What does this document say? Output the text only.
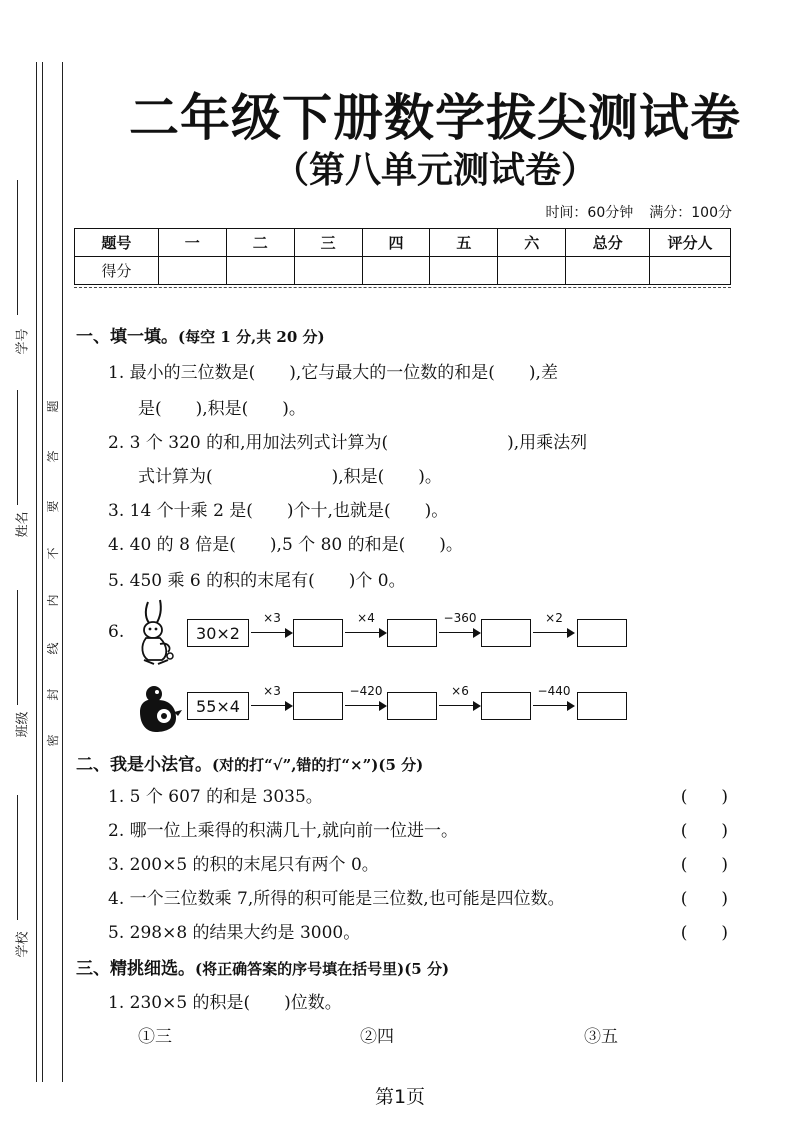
学号
姓名
班级
学校
题
答
要
不
内
线
封
密
二年级下册数学拔尖测试卷
（第八单元测试卷）
时间：60分钟 满分：100分
题号	一	二	三	四	五	六	总分	评分人
得分								
一、填一填。(每空 1 分,共 20 分)
1. 最小的三位数是(　　),它与最大的一位数的和是(　　),差
是(　　),积是(　　)。
2. 3 个 320 的和,用加法列式计算为(　　　　　　　),用乘法列
式计算为(　　　　　　　),积是(　　)。
3. 14 个十乘 2 是(　　)个十,也就是(　　)。
4. 40 的 8 倍是(　　),5 个 80 的和是(　　)。
5. 450 乘 6 的积的末尾有(　　)个 0。
6.	30×2
×3	×4	−360	×2
55×4
×3	−420	×6	−440
二、我是小法官。(对的打“√”,错的打“×”)(5 分)
1. 5 个 607 的和是 3035。	(　　)
2. 哪一位上乘得的积满几十,就向前一位进一。	(　　)
3. 200×5 的积的末尾只有两个 0。	(　　)
4. 一个三位数乘 7,所得的积可能是三位数,也可能是四位数。	(　　)
5. 298×8 的结果大约是 3000。	(　　)
三、精挑细选。(将正确答案的序号填在括号里)(5 分)
1. 230×5 的积是(　　)位数。
①三	②四	③五
第1页
